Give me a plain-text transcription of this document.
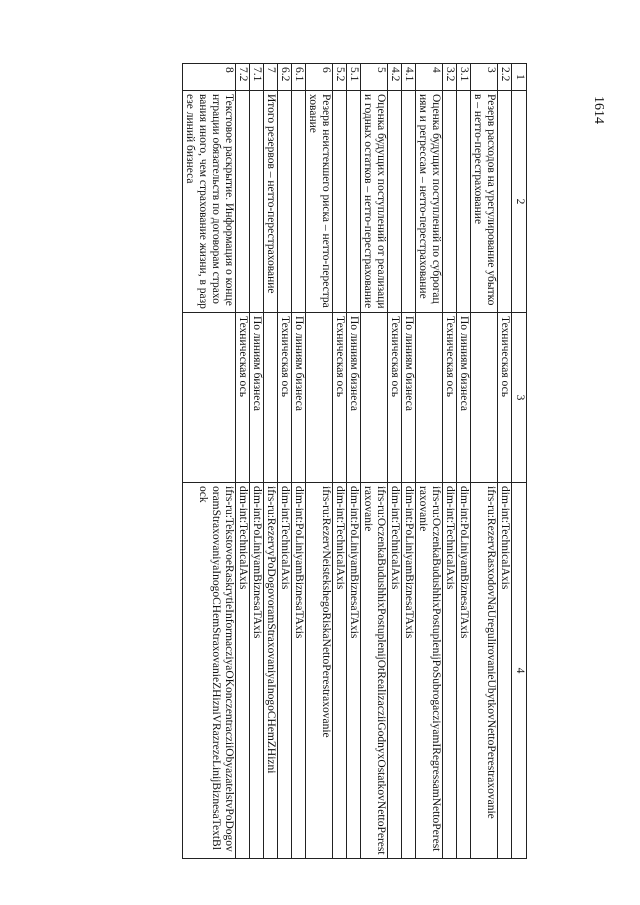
1614
1	2	3	4
2.2		Техническая ось	dim-int:TechnicalAxis
3	Резерв расходов на урегулирование убытков – нетто-перестрахование		ifrs-ru:RezervRasxodovNaUregulirovanieUbytkovNettoPerestraxovanie
3.1		По линиям бизнеса	dim-int:PoLiniyamBiznesaTAxis
3.2		Техническая ось	dim-int:TechnicalAxis
4	Оценка будущих поступлений по суброгациям и регрессам – нетто-перестрахование		ifrs-ru:OczenkaBudushhixPostuplenijPoSubrogacziyamIRegressamNettoPerestraxovanie
4.1		По линиям бизнеса	dim-int:PoLiniyamBiznesaTAxis
4.2		Техническая ось	dim-int:TechnicalAxis
5	Оценка будущих поступлений от реализации годных остатков – нетто-перестрахование		ifrs-ru:OczenkaBudushhixPostuplenijOtRealizacziiGodnyxOstatkovNettoPerestraxovanie
5.1		По линиям бизнеса	dim-int:PoLiniyamBiznesaTAxis
5.2		Техническая ось	dim-int:TechnicalAxis
6	Резерв неистекшего риска – нетто-перестрахование		ifrs-ru:RezervNeistekshegoRiskaNettoPerestraxovanie
6.1		По линиям бизнеса	dim-int:PoLiniyamBiznesaTAxis
6.2		Техническая ось	dim-int:TechnicalAxis
7	Итого резервов – нетто-перестрахование		ifrs-ru:RezervyPoDogovoramStraxovaniyaInogoCHemZHizni
7.1		По линиям бизнеса	dim-int:PoLiniyamBiznesaTAxis
7.2		Техническая ось	dim-int:TechnicalAxis
8	Текстовое раскрытие. Информация о концентрации обязательств по договорам страхования иного, чем страхование жизни, в разрезе линий бизнеса		ifrs-ru:TekstovoeRaskrytieInformacziyaOKonczentracziiObyazatelstvPoDogovoramStraxovaniyaInogoCHemStraxovanieZHizniVRazrezeLinijBiznesaTextBlock
